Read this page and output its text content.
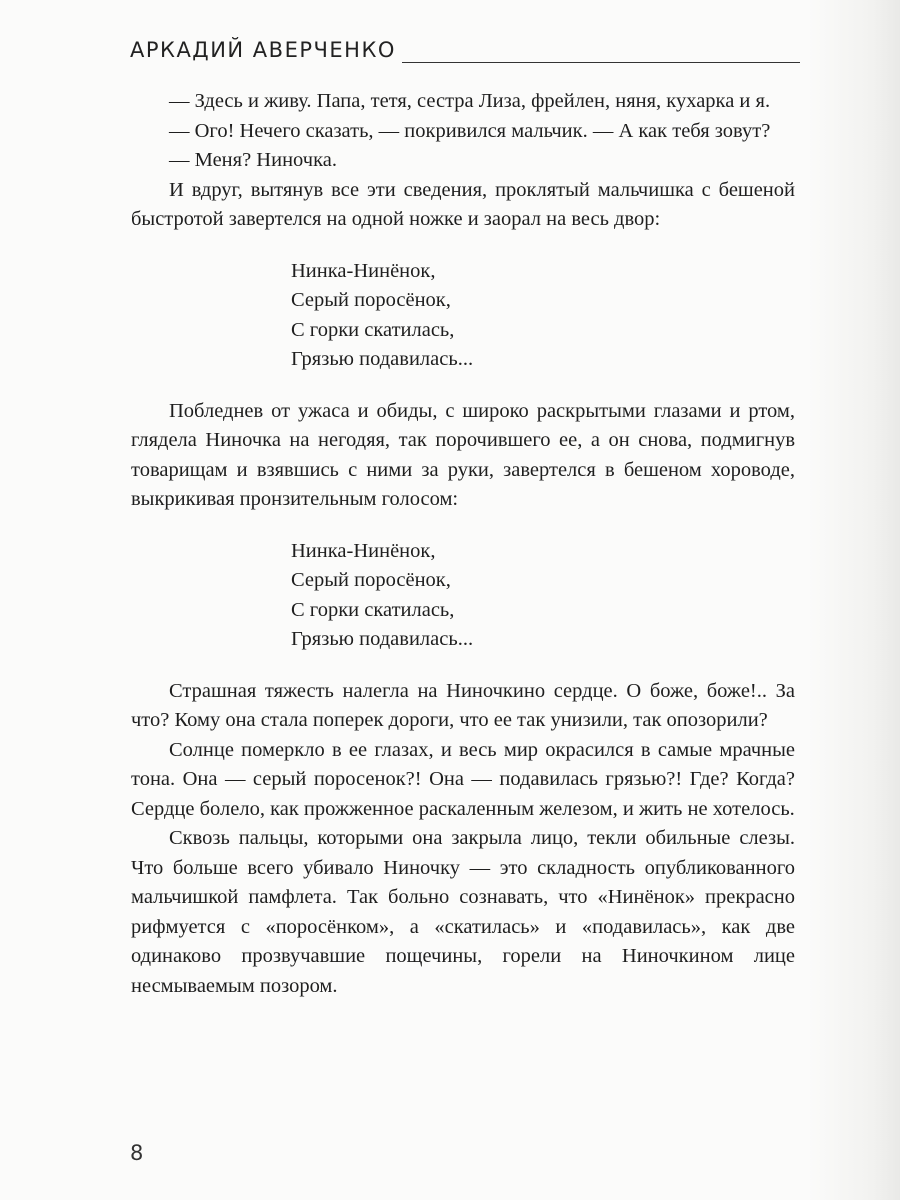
АРКАДИЙ АВЕРЧЕНКО

— Здесь и живу. Папа, тетя, сестра Лиза, фрейлен, няня, кухарка и я.

— Ого! Нечего сказать, — покривился мальчик. — А как тебя зовут?

— Меня? Ниночка.

И вдруг, вытянув все эти сведения, проклятый мальчишка с бешеной быстротой завертелся на одной ножке и заорал на весь двор:

Нинка-Нинёнок,
Серый поросёнок,
С горки скатилась,
Грязью подавилась...

Побледнев от ужаса и обиды, с широко раскрытыми глазами и ртом, глядела Ниночка на негодяя, так порочившего ее, а он снова, подмигнув товарищам и взявшись с ними за руки, завертелся в бешеном хороводе, выкрикивая пронзительным голосом:

Нинка-Нинёнок,
Серый поросёнок,
С горки скатилась,
Грязью подавилась...

Страшная тяжесть налегла на Ниночкино сердце. О боже, боже!.. За что? Кому она стала поперек дороги, что ее так унизили, так опозорили?

Солнце померкло в ее глазах, и весь мир окрасился в самые мрачные тона. Она — серый поросенок?! Она — подавилась грязью?! Где? Когда? Сердце болело, как прожженное раскаленным железом, и жить не хотелось.

Сквозь пальцы, которыми она закрыла лицо, текли обильные слезы. Что больше всего убивало Ниночку — это складность опубликованного мальчишкой памфлета. Так больно сознавать, что «Нинёнок» прекрасно рифмуется с «поросёнком», а «скатилась» и «подавилась», как две одинаково прозвучавшие пощечины, горели на Ниночкином лице несмываемым позором.

8
